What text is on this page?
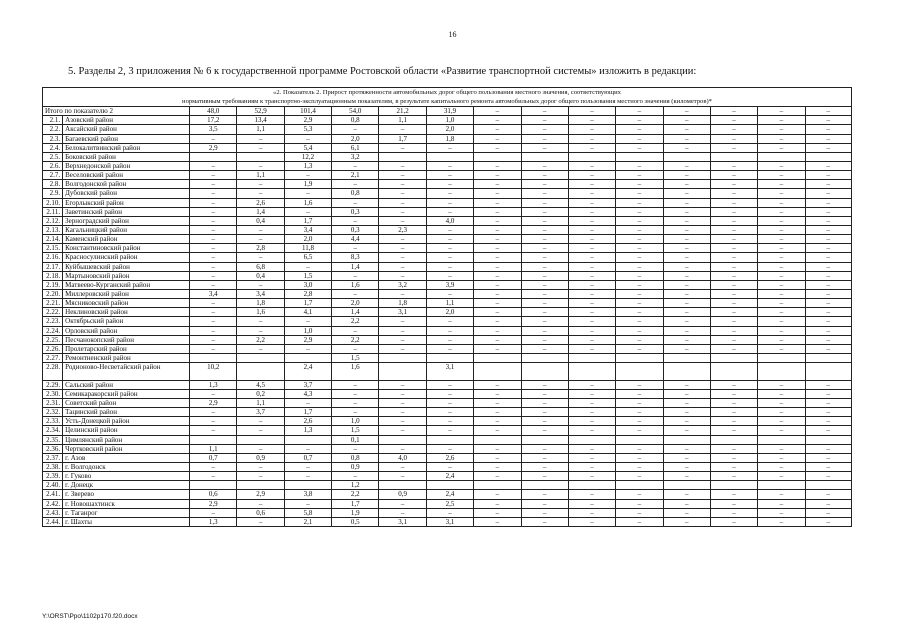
16
5. Разделы 2, 3 приложения № 6 к государственной программе Ростовской области «Развитие транспортной системы» изложить в редакции:
«2. Показатель 2. Прирост протяженности автомобильных дорог общего пользования местного значения, соответствующих
нормативным требованиям к транспортно-эксплуатационным показателям, в результате капитального ремонта автомобильных дорог общего пользования местного значения (километров)*
Итого по показателю 2		48,0	52,9	101,4	54,0	21,2	31,9	–	–	–	–	–	–	–	–
2.1.	Азовский район	17,2	13,4	2,9	0,8	1,1	1,0	–	–	–	–	–	–	–	–
2.2.	Аксайский район	3,5	1,1	5,3	–	–	2,0	–	–	–	–	–	–	–	–
2.3.	Багаевский район	–	–	–	2,0	1,7	1,8	–	–	–	–	–	–	–	–
2.4.	Белокалитвинский район	2,9	–	5,4	6,1	–	–	–	–	–	–	–	–	–	–
2.5.	Боковский район			12,2	3,2										
2.6.	Верхнедонской район	–	–	1,3	–	–	–	–	–	–	–	–	–	–	–
2.7.	Веселовский район	–	1,1	–	2,1	–	–	–	–	–	–	–	–	–	–
2.8.	Волгодонской район	–	–	1,9	–	–	–	–	–	–	–	–	–	–	–
2.9.	Дубовский район	–	–	–	0,8	–	–	–	–	–	–	–	–	–	–
2.10.	Егорлыкский район	–	2,6	1,6	–	–	–	–	–	–	–	–	–	–	–
2.11.	Заветинский район	–	1,4	–	0,3	–	–	–	–	–	–	–	–	–	–
2.12.	Зерноградский район	–	0,4	1,7	–	–	4,0	–	–	–	–	–	–	–	–
2.13.	Кагальницкий район	–	–	3,4	0,3	2,3	–	–	–	–	–	–	–	–	–
2.14.	Каменский район	–	–	2,0	4,4	–	–	–	–	–	–	–	–	–	–
2.15.	Константиновский район	–	2,8	11,8	–	–	–	–	–	–	–	–	–	–	–
2.16.	Красносулинский район	–	–	6,5	8,3	–	–	–	–	–	–	–	–	–	–
2.17.	Куйбышевский район	–	6,8	–	1,4	–	–	–	–	–	–	–	–	–	–
2.18.	Мартыновский район	–	0,4	1,5	–	–	–	–	–	–	–	–	–	–	–
2.19.	Матвеево-Курганский район	–	–	3,0	1,6	3,2	3,9	–	–	–	–	–	–	–	–
2.20.	Миллеровский район	3,4	3,4	2,8	–	–	–	–	–	–	–	–	–	–	–
2.21.	Мясниковский район	–	1,8	1,7	2,0	1,8	1,1	–	–	–	–	–	–	–	–
2.22.	Неклиновский район	–	1,6	4,1	1,4	3,1	2,0	–	–	–	–	–	–	–	–
2.23.	Октябрьский район	–	–	–	2,2	–	–	–	–	–	–	–	–	–	–
2.24.	Орловский район	–	–	1,0	–	–	–	–	–	–	–	–	–	–	–
2.25.	Песчанокопский район	–	2,2	2,9	2,2	–	–	–	–	–	–	–	–	–	–
2.26.	Пролетарский район	–	–	–	–	–	–	–	–	–	–	–	–	–	–
2.27.	Ремонтненский район				1,5										
2.28.	Родионово-Несветайский район	10,2		2,4	1,6		3,1								
2.29.	Сальский район	1,3	4,5	3,7	–	–	–	–	–	–	–	–	–	–	–
2.30.	Семикаракорский район	–	0,2	4,3	–	–	–	–	–	–	–	–	–	–	–
2.31.	Советский район	2,9	1,1	–	–	–	–	–	–	–	–	–	–	–	–
2.32.	Тацинский район	–	3,7	1,7	–	–	–	–	–	–	–	–	–	–	–
2.33.	Усть-Донецкой район	–	–	2,6	1,0	–	–	–	–	–	–	–	–	–	–
2.34.	Целинский район	–	–	1,3	1,5	–	–	–	–	–	–	–	–	–	–
2.35.	Цимлянский район				0,1										
2.36.	Чертковский район	1,1	–	–	–	–	–	–	–	–	–	–	–	–	–
2.37.	г. Азов	0,7	0,9	0,7	0,8	4,0	2,6	–	–	–	–	–	–	–	–
2.38.	г. Волгодонск	–	–	–	0,9	–	–	–	–	–	–	–	–	–	–
2.39.	г. Гуково	–	–	–	–	–	2,4	–	–	–	–	–	–	–	–
2.40.	г. Донецк				1,2										
2.41.	г. Зверево	0,6	2,9	3,8	2,2	0,9	2,4	–	–	–	–	–	–	–	–
2.42.	г. Новошахтинск	2,9	–	–	1,7	–	2,5	–	–	–	–	–	–	–	–
2.43.	г. Таганрог	–	0,6	5,8	1,9	–	–	–	–	–	–	–	–	–	–
2.44.	г. Шахты	1,3	–	2,1	0,5	3,1	3,1	–	–	–	–	–	–	–	–
Y:\ORST\Ppo\1102p170.f20.docx
